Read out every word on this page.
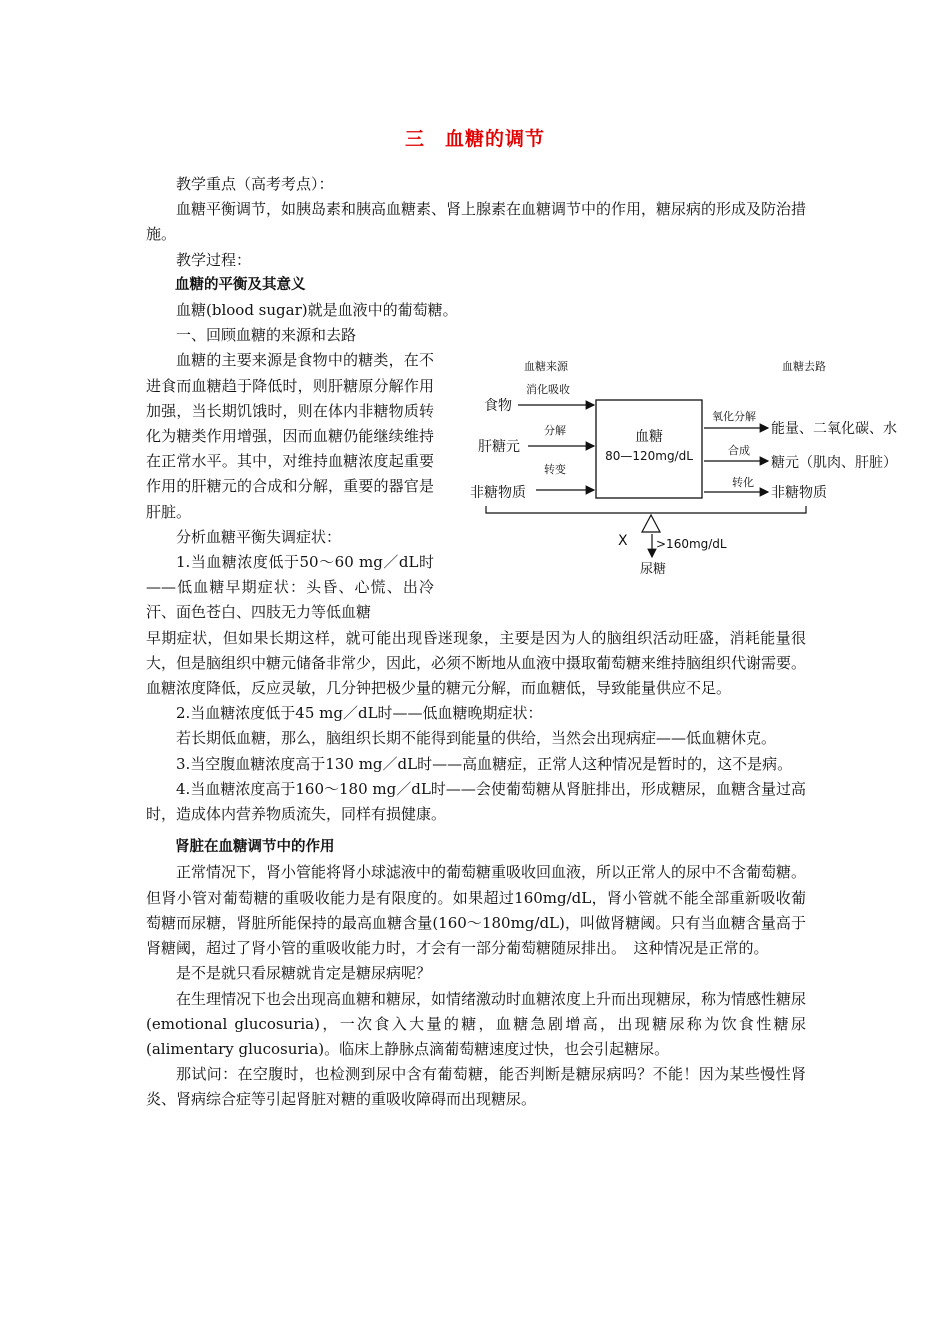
三　血糖的调节

教学重点（高考考点）：

血糖平衡调节，如胰岛素和胰高血糖素、肾上腺素在血糖调节中的作用，糖尿病的形成及防治措施。

教学过程：

血糖的平衡及其意义

血糖(blood sugar)就是血液中的葡萄糖。

一、回顾血糖的来源和去路

血糖的主要来源是食物中的糖类，在不进食而血糖趋于降低时，则肝糖原分解作用加强，当长期饥饿时，则在体内非糖物质转化为糖类作用增强，因而血糖仍能继续维持在正常水平。其中，对维持血糖浓度起重要作用的肝糖元的合成和分解，重要的器官是肝脏。

分析血糖平衡失调症状：

1.当血糖浓度低于50～60 mg／dL时——低血糖早期症状：头昏、心慌、出冷汗、面色苍白、四肢无力等低血糖

早期症状，但如果长期这样，就可能出现昏迷现象，主要是因为人的脑组织活动旺盛，消耗能量很大，但是脑组织中糖元储备非常少，因此，必须不断地从血液中摄取葡萄糖来维持脑组织代谢需要。血糖浓度降低，反应灵敏，几分钟把极少量的糖元分解，而血糖低，导致能量供应不足。

2.当血糖浓度低于45 mg／dL时——低血糖晚期症状：

若长期低血糖，那么，脑组织长期不能得到能量的供给，当然会出现病症——低血糖休克。

3.当空腹血糖浓度高于130 mg／dL时——高血糖症，正常人这种情况是暂时的，这不是病。

4.当血糖浓度高于160～180 mg／dL时——会使葡萄糖从肾脏排出，形成糖尿，血糖含量过高时，造成体内营养物质流失，同样有损健康。

肾脏在血糖调节中的作用

正常情况下，肾小管能将肾小球滤液中的葡萄糖重吸收回血液，所以正常人的尿中不含葡萄糖。但肾小管对葡萄糖的重吸收能力是有限度的。如果超过160mg/dL，肾小管就不能全部重新吸收葡萄糖而尿糖，肾脏所能保持的最高血糖含量(160～180mg/dL)，叫做肾糖阈。只有当血糖含量高于肾糖阈，超过了肾小管的重吸收能力时，才会有一部分葡萄糖随尿排出。　这种情况是正常的。

是不是就只看尿糖就肯定是糖尿病呢？

在生理情况下也会出现高血糖和糖尿，如情绪激动时血糖浓度上升而出现糖尿，称为情感性糖尿(emotional glucosuria)，一次食入大量的糖，血糖急剧增高，出现糖尿称为饮食性糖尿(alimentary glucosuria)。临床上静脉点滴葡萄糖速度过快，也会引起糖尿。

那试问：在空腹时，也检测到尿中含有葡萄糖，能否判断是糖尿病吗？不能！因为某些慢性肾炎、肾病综合症等引起肾脏对糖的重吸收障碍而出现糖尿。

血糖来源	血糖去路
血糖
80—120mg/dL
食物
消化吸收
肝糖元
分解
转变
非糖物质
氧化分解
能量、二氧化碳、水
合成
糖元（肌肉、肝脏）
转化
非糖物质
X >160mg/dL
尿糖
